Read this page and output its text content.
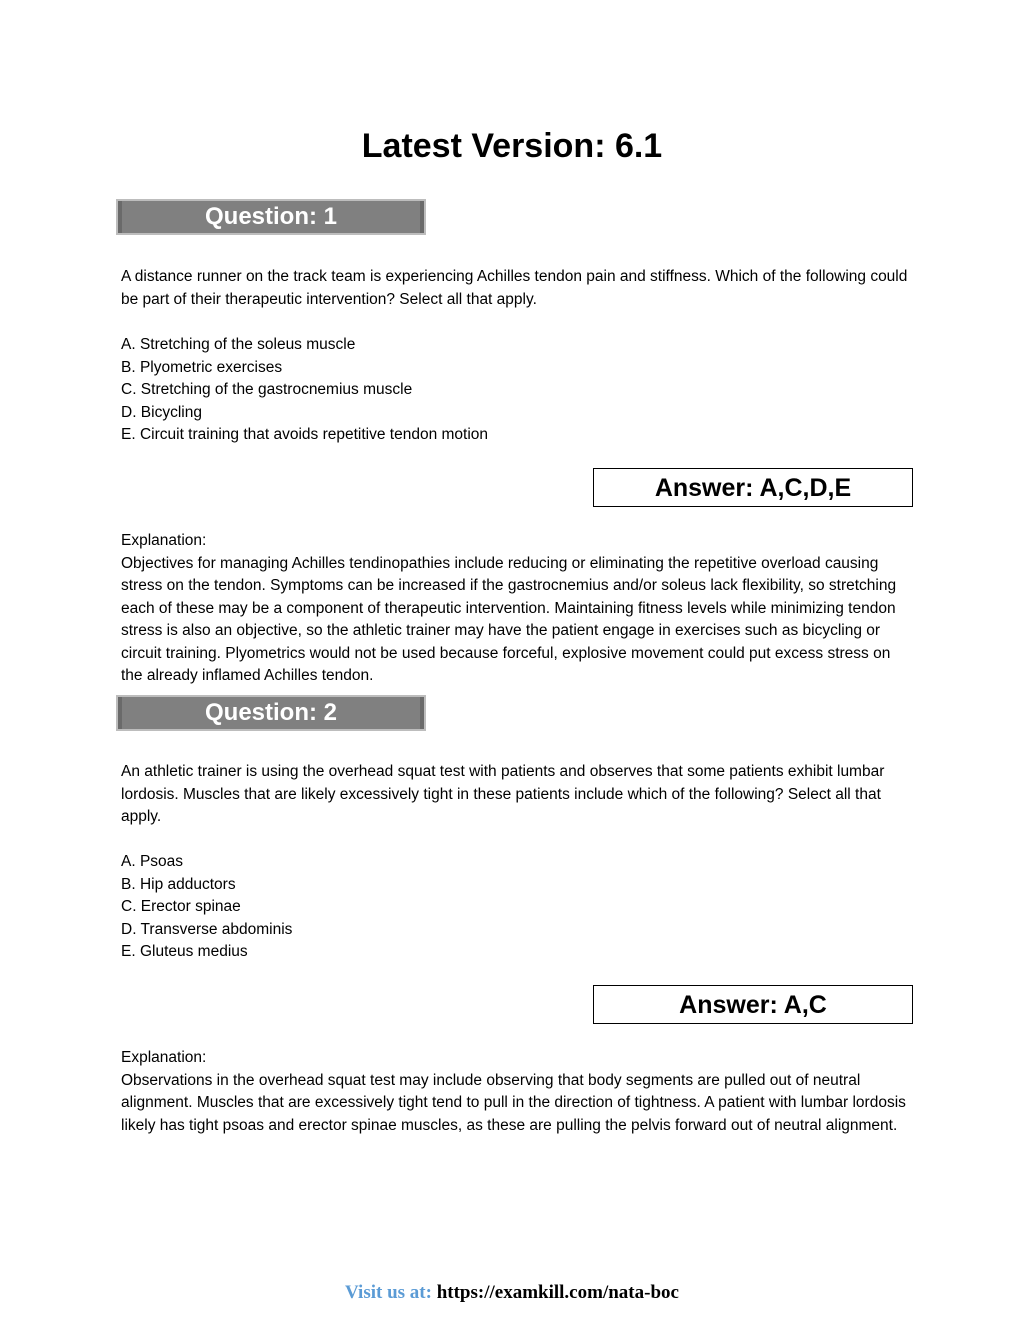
Latest Version: 6.1
Question: 1

A distance runner on the track team is experiencing Achilles tendon pain and stiffness. Which of the following could be part of their therapeutic intervention? Select all that apply.

A. Stretching of the soleus muscle
B. Plyometric exercises
C. Stretching of the gastrocnemius muscle
D. Bicycling
E. Circuit training that avoids repetitive tendon motion
Answer: A,C,D,E

Explanation:

Objectives for managing Achilles tendinopathies include reducing or eliminating the repetitive overload causing stress on the tendon. Symptoms can be increased if the gastrocnemius and/or soleus lack flexibility, so stretching each of these may be a component of therapeutic intervention. Maintaining fitness levels while minimizing tendon stress is also an objective, so the athletic trainer may have the patient engage in exercises such as bicycling or circuit training. Plyometrics would not be used because forceful, explosive movement could put excess stress on the already inflamed Achilles tendon.

Question: 2

An athletic trainer is using the overhead squat test with patients and observes that some patients exhibit lumbar lordosis. Muscles that are likely excessively tight in these patients include which of the following? Select all that apply.

A. Psoas
B. Hip adductors
C. Erector spinae
D. Transverse abdominis
E. Gluteus medius
Answer: A,C

Explanation:

Observations in the overhead squat test may include observing that body segments are pulled out of neutral alignment. Muscles that are excessively tight tend to pull in the direction of tightness. A patient with lumbar lordosis likely has tight psoas and erector spinae muscles, as these are pulling the pelvis forward out of neutral alignment.

Visit us at: https://examkill.com/nata-boc
